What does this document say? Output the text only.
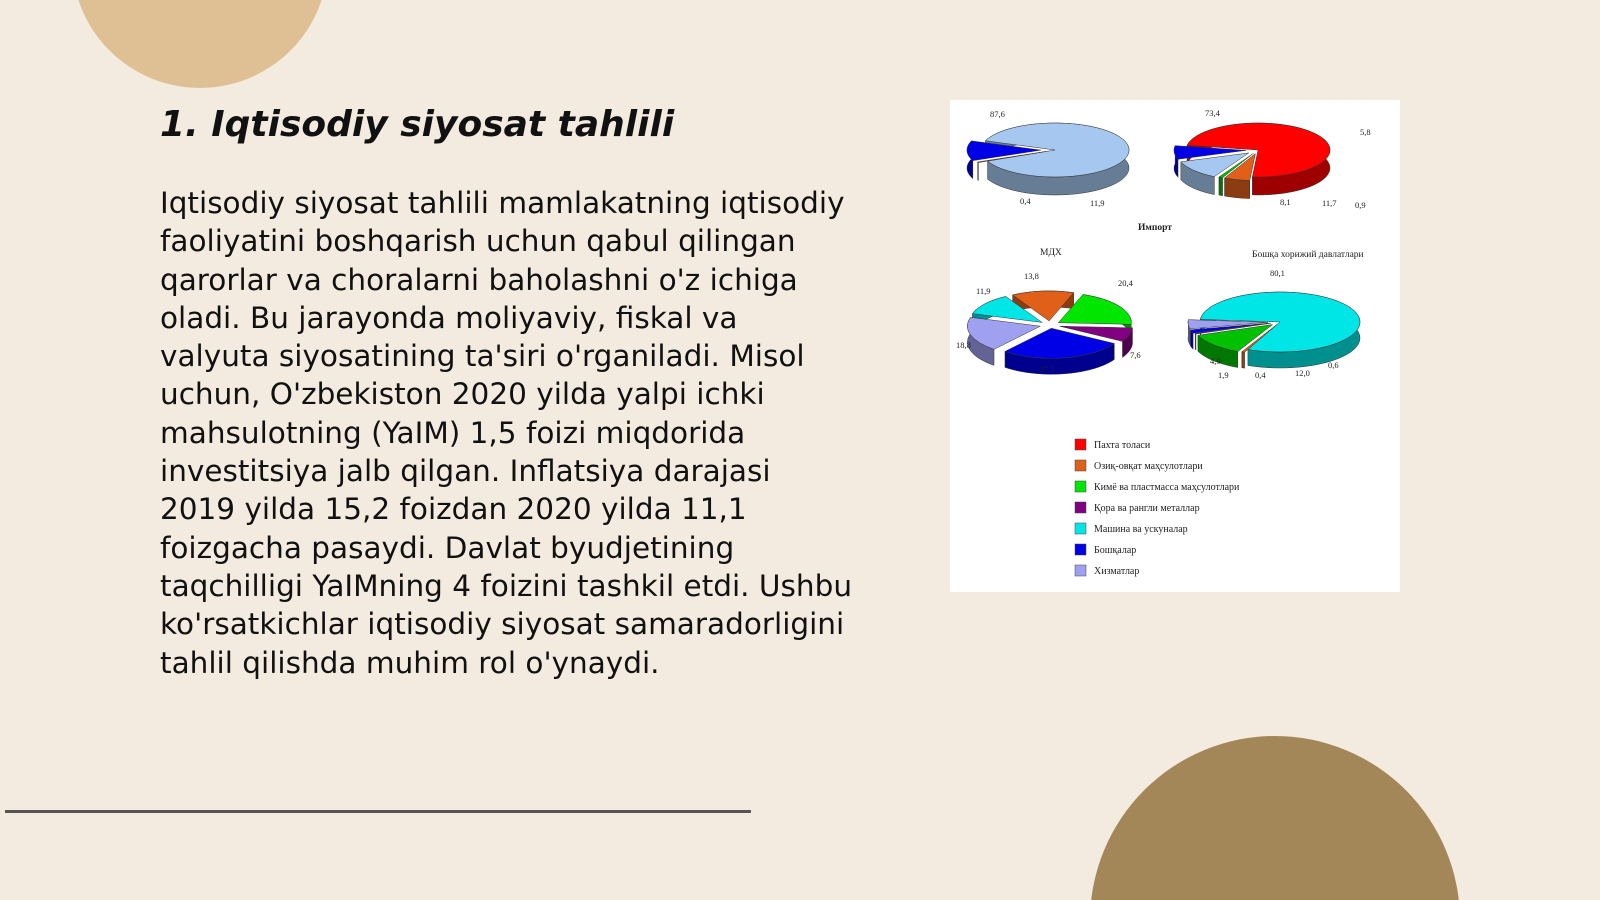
1. Iqtisodiy siyosat tahlili

Iqtisodiy siyosat tahlili mamlakatning iqtisodiy faoliyatini boshqarish uchun qabul qilingan qarorlar va choralarni baholashni o'z ichiga oladi. Bu jarayonda moliyaviy, fiskal va valyuta siyosatining ta'siri o'rganiladi. Misol uchun, O'zbekiston 2020 yilda yalpi ichki mahsulotning (YaIM) 1,5 foizi miqdorida investitsiya jalb qilgan. Inflatsiya darajasi 2019 yilda 15,2 foizdan 2020 yilda 11,1 foizgacha pasaydi. Davlat byudjetining taqchilligi YaIMning 4 foizini tashkil etdi. Ushbu ko'rsatkichlar iqtisodiy siyosat samaradorligini tahlil qilishda muhim rol o'ynaydi.

87,6
0,4	11,9
73,4
5,8
0,9
11,7
8,1
Импорт
13,8
20,4
7,6
27,5
18,8
11,9
МДХ
80,1
0,6
12,0
0,4
1,9
4,9
Бошқа хорижий давлатлари
Пахта толаси
Озиқ-овқат маҳсулотлари
Кимё ва пластмасса маҳсулотлари
Қора ва рангли металлар
Машина ва ускуналар
Бошқалар
Хизматлар
